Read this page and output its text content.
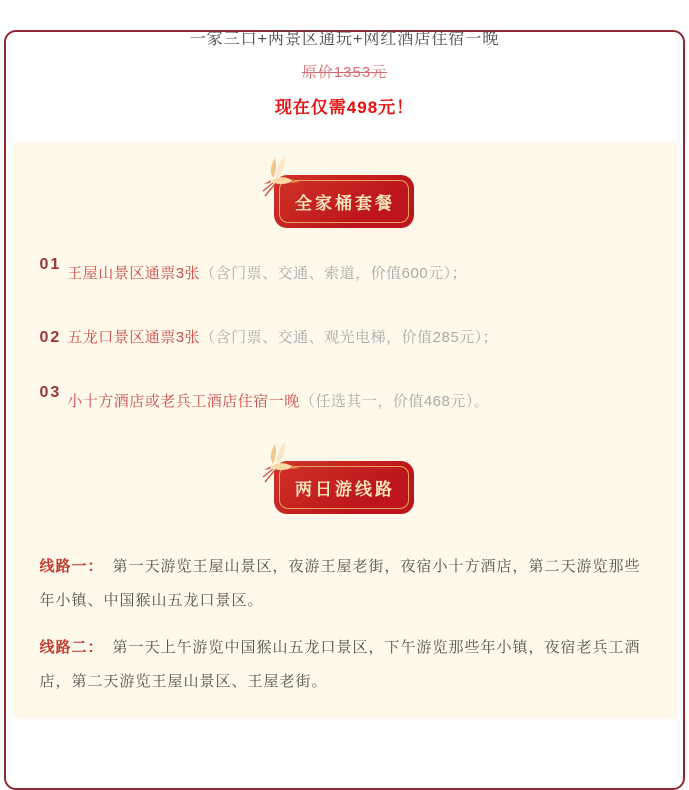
一家三口+两景区通玩+网红酒店住宿一晚
原价1353元
现在仅需498元！
全家桶套餐

01王屋山景区通票3张（含门票、交通、索道，价值600元）；

02 五龙口景区通票3张（含门票、交通、观光电梯，价值285元）；

03小十方酒店或老兵工酒店住宿一晚（任选其一，价值468元）。

两日游线路

线路一： 第一天游览王屋山景区，夜游王屋老街，夜宿小十方酒店，第二天游览那些年小镇、中国猴山五龙口景区。

线路二： 第一天上午游览中国猴山五龙口景区，下午游览那些年小镇，夜宿老兵工酒店，第二天游览王屋山景区、王屋老街。
